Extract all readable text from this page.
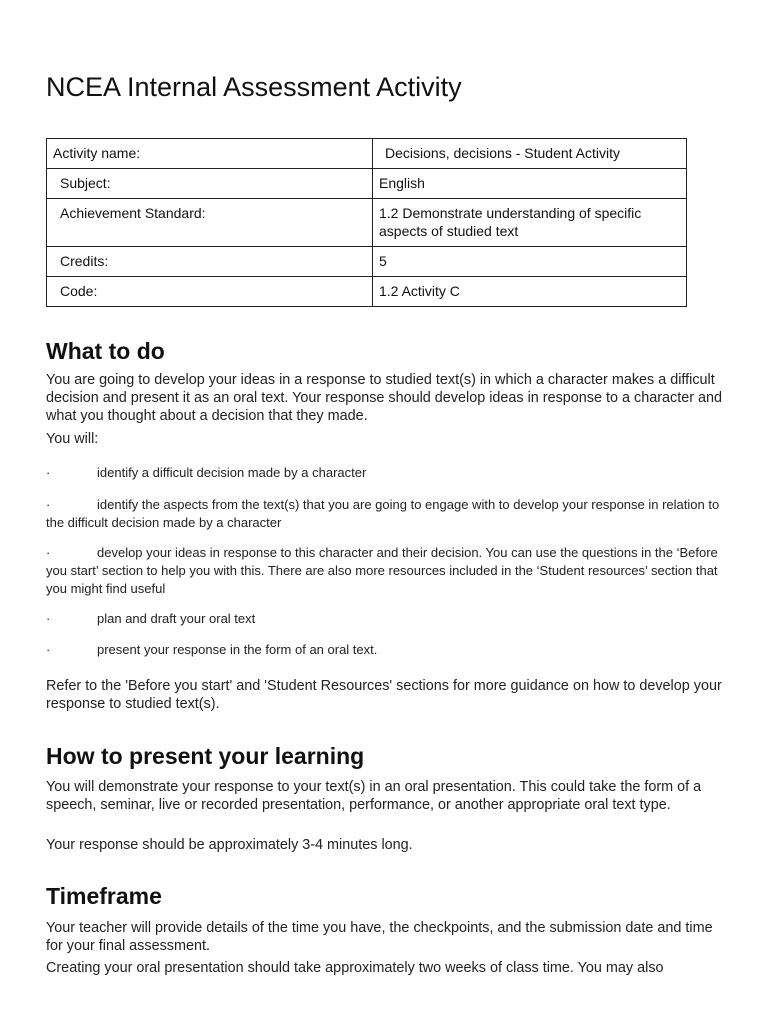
NCEA Internal Assessment Activity
Activity name:	Decisions, decisions - Student Activity
Subject:	English
Achievement Standard:	1.2 Demonstrate understanding of specific aspects of studied text
Credits:	5
Code:	1.2 Activity C
What to do

You are going to develop your ideas in a response to studied text(s) in which a character makes a difficult decision and present it as an oral text. Your response should develop ideas in response to a character and what you thought about a decision that they made.

You will:

·	identify a difficult decision made by a character

·	identify the aspects from the text(s) that you are going to engage with to develop your response in relation to the difficult decision made by a character

·	develop your ideas in response to this character and their decision. You can use the questions in the ‘Before you start’ section to help you with this. There are also more resources included in the ‘Student resources’ section that you might find useful

·	plan and draft your oral text

·	present your response in the form of an oral text.

Refer to the 'Before you start' and 'Student Resources' sections for more guidance on how to develop your response to studied text(s).

How to present your learning

You will demonstrate your response to your text(s) in an oral presentation. This could take the form of a speech, seminar, live or recorded presentation, performance, or another appropriate oral text type.

Your response should be approximately 3-4 minutes long.

Timeframe

Your teacher will provide details of the time you have, the checkpoints, and the submission date and time for your final assessment.

Creating your oral presentation should take approximately two weeks of class time. You may also
